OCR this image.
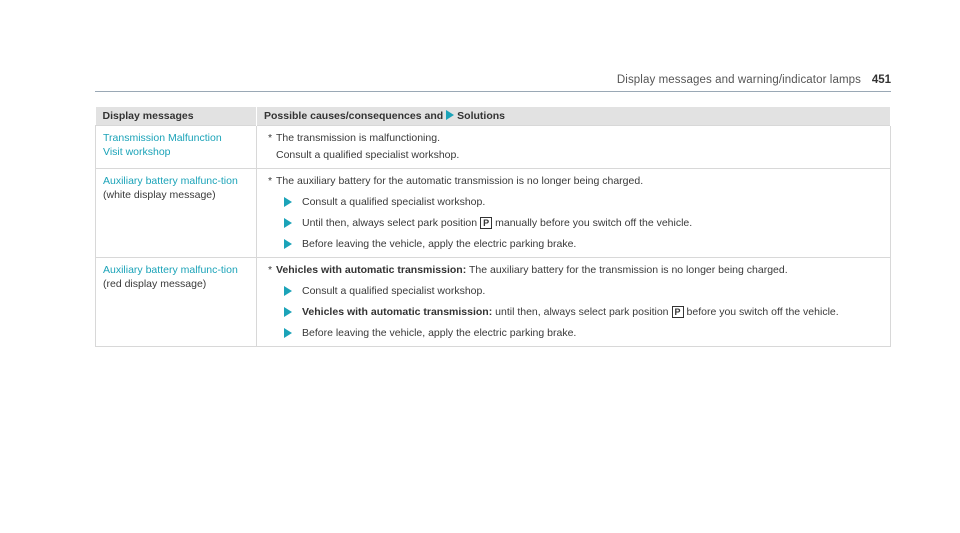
Display messages and warning/indicator lamps 451
Display messages	Possible causes/consequences and Solutions

Transmission Malfunction Visit workshop	* The transmission is malfunctioning.
Consult a qualified specialist workshop.

Auxiliary battery malfunc-tion (white display message)	* The auxiliary battery for the automatic transmission is no longer being charged.
Consult a qualified specialist workshop.
Until then, always select park position P manually before you switch off the vehicle.
Before leaving the vehicle, apply the electric parking brake.

Auxiliary battery malfunc-tion (red display message)	* Vehicles with automatic transmission: The auxiliary battery for the transmission is no longer being charged.
Consult a qualified specialist workshop.
Vehicles with automatic transmission: until then, always select park position P before you switch off the vehicle.
Before leaving the vehicle, apply the electric parking brake.
